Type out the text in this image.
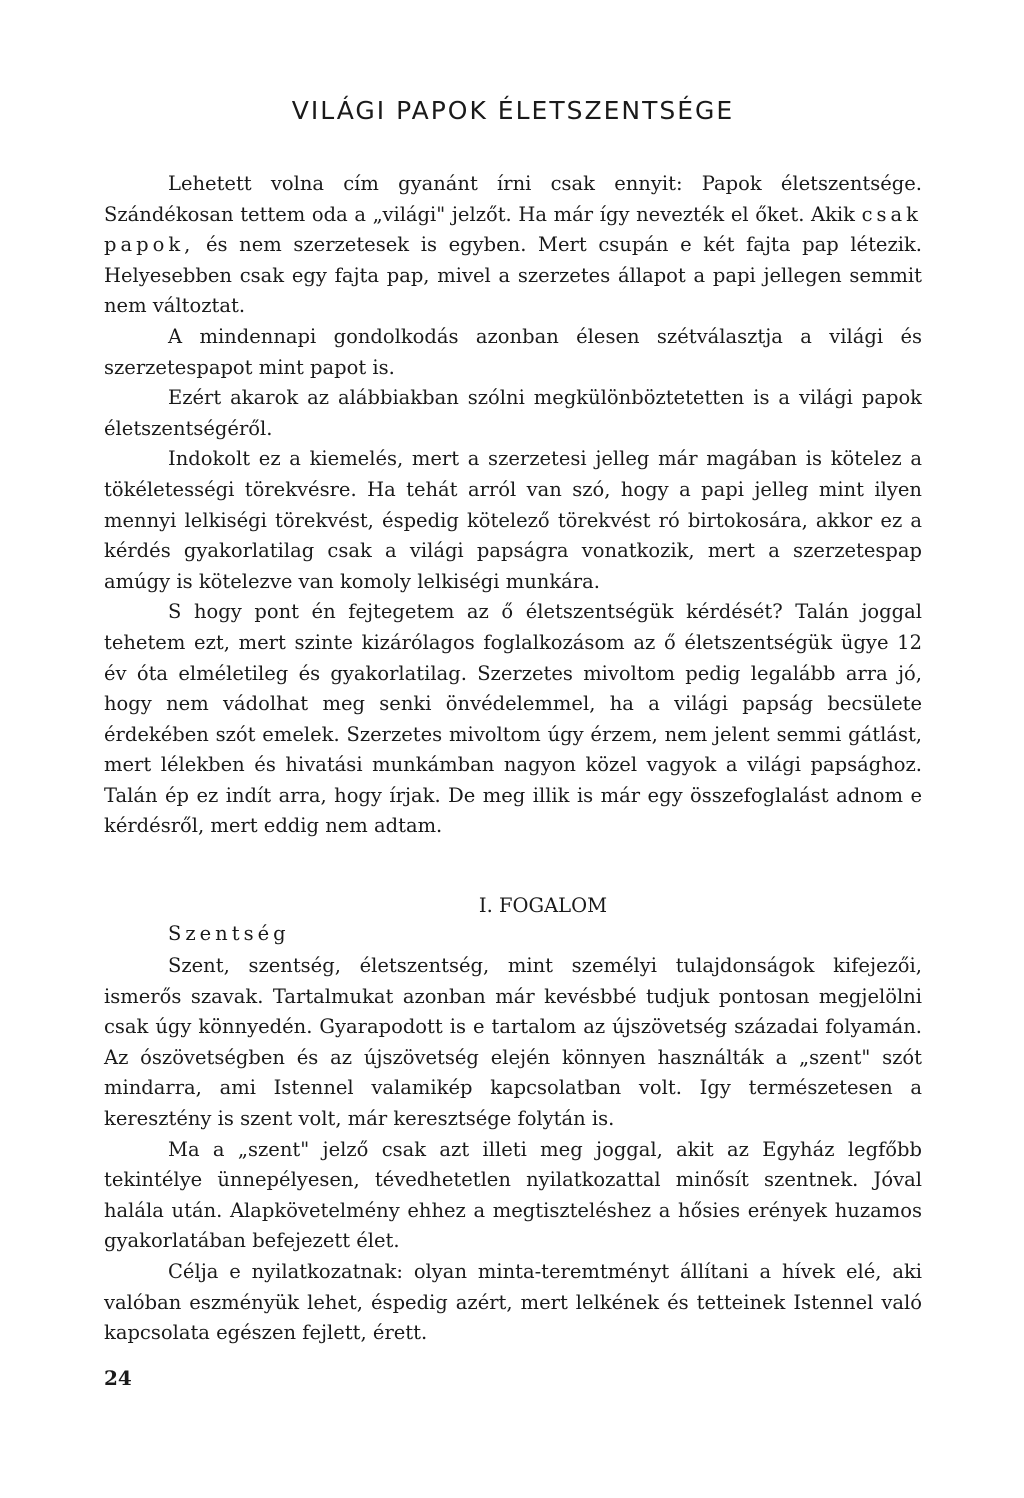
VILÁGI PAPOK ÉLETSZENTSÉGE

Lehetett volna cím gyanánt írni csak ennyit: Papok életszentsége. Szándékosan tettem oda a „világi" jelzőt. Ha már így nevezték el őket. Akik csak papok, és nem szerzetesek is egyben. Mert csupán e két fajta pap létezik. Helyesebben csak egy fajta pap, mivel a szerzetes állapot a papi jellegen semmit nem változtat.

A mindennapi gondolkodás azonban élesen szétválasztja a világi és szerzetespapot mint papot is.

Ezért akarok az alábbiakban szólni megkülönböztetetten is a világi papok életszentségéről.

Indokolt ez a kiemelés, mert a szerzetesi jelleg már magában is kötelez a tökéletességi törekvésre. Ha tehát arról van szó, hogy a papi jelleg mint ilyen mennyi lelkiségi törekvést, éspedig kötelező törekvést ró birtokosára, akkor ez a kérdés gyakorlatilag csak a világi papságra vonatkozik, mert a szerzetespap amúgy is kötelezve van komoly lelkiségi munkára.

S hogy pont én fejtegetem az ő életszentségük kérdését? Talán joggal tehetem ezt, mert szinte kizárólagos foglalkozásom az ő életszentségük ügye 12 év óta elméletileg és gyakorlatilag. Szerzetes mivoltom pedig legalább arra jó, hogy nem vádolhat meg senki önvédelemmel, ha a világi papság becsülete érdekében szót emelek. Szerzetes mivoltom úgy érzem, nem jelent semmi gátlást, mert lélekben és hivatási munkámban nagyon közel vagyok a világi papsághoz. Talán ép ez indít arra, hogy írjak. De meg illik is már egy összefoglalást adnom e kérdésről, mert eddig nem adtam.

I. FOGALOM
Szentség

Szent, szentség, életszentség, mint személyi tulajdonságok kifejezői, ismerős szavak. Tartalmukat azonban már kevésbbé tudjuk pontosan megjelölni csak úgy könnyedén. Gyarapodott is e tartalom az újszövetség századai folyamán. Az ószövetségben és az újszövetség elején könnyen használták a „szent" szót mindarra, ami Istennel valamikép kapcsolatban volt. Igy természetesen a keresztény is szent volt, már keresztsége folytán is.

Ma a „szent" jelző csak azt illeti meg joggal, akit az Egyház legfőbb tekintélye ünnepélyesen, tévedhetetlen nyilatkozattal minősít szentnek. Jóval halála után. Alapkövetelmény ehhez a megtiszteléshez a hősies erények huzamos gyakorlatában befejezett élet.

Célja e nyilatkozatnak: olyan minta-teremtményt állítani a hívek elé, aki valóban eszményük lehet, éspedig azért, mert lelkének és tetteinek Istennel való kapcsolata egészen fejlett, érett.

24
